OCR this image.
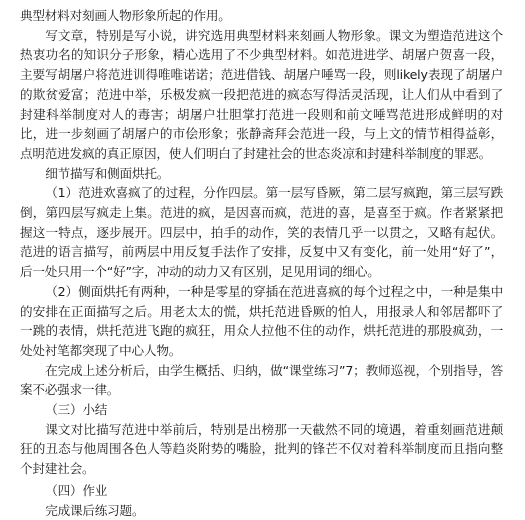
典型材料对刻画人物形象所起的作用。

写文章，特别是写小说，讲究选用典型材料来刻画人物形象。课文为塑造范进这个热衷功名的知识分子形象，精心选用了不少典型材料。如范进进学、胡屠户贺喜一段，主要写胡屠户将范进训得唯唯诺诺；范进借钱、胡屠户唾骂一段，则likely表现了胡屠户的欺贫爱富；范进中举，乐极发疯一段把范进的疯态写得活灵活现，让人们从中看到了封建科举制度对人的毒害；胡屠户壮胆掌打范进一段则和前文唾骂范进形成鲜明的对比，进一步刻画了胡屠户的市侩形象；张静斋拜会范进一段，与上文的情节相得益彰，点明范进发疯的真正原因，使人们明白了封建社会的世态炎凉和封建科举制度的罪恶。

细节描写和侧面烘托。

（1）范进欢喜疯了的过程，分作四层。第一层写昏厥，第二层写疯跑，第三层写跌倒，第四层写疯走上集。范进的疯，是因喜而疯，范进的喜，是喜至于疯。作者紧紧把握这一特点，逐步展开。四层中，拍手的动作，笑的表情几乎一以贯之，又略有起伏。范进的语言描写，前两层中用反复手法作了安排，反复中又有变化，前一处用“好了”，后一处只用一个“好”字，冲动的动力又有区别，足见用词的细心。

（2）侧面烘托有两种，一种是零星的穿插在范进喜疯的每个过程之中，一种是集中的安排在正面描写之后。用老太太的慌，烘托范进昏厥的怕人，用报录人和邻居都吓了一跳的表情，烘托范进飞跑的疯狂，用众人拉他不住的动作，烘托范进的那股疯劲，一处处衬笔都突现了中心人物。

在完成上述分析后，由学生概括、归纳，做“课堂练习”7；教师巡视，个别指导，答案不必强求一律。

（三）小结

课文对比描写范进中举前后，特别是出榜那一天截然不同的境遇，着重刻画范进颠狂的丑态与他周围各色人等趋炎附势的嘴脸，批判的锋芒不仅对着科举制度而且指向整个封建社会。

（四）作业

完成课后练习题。
